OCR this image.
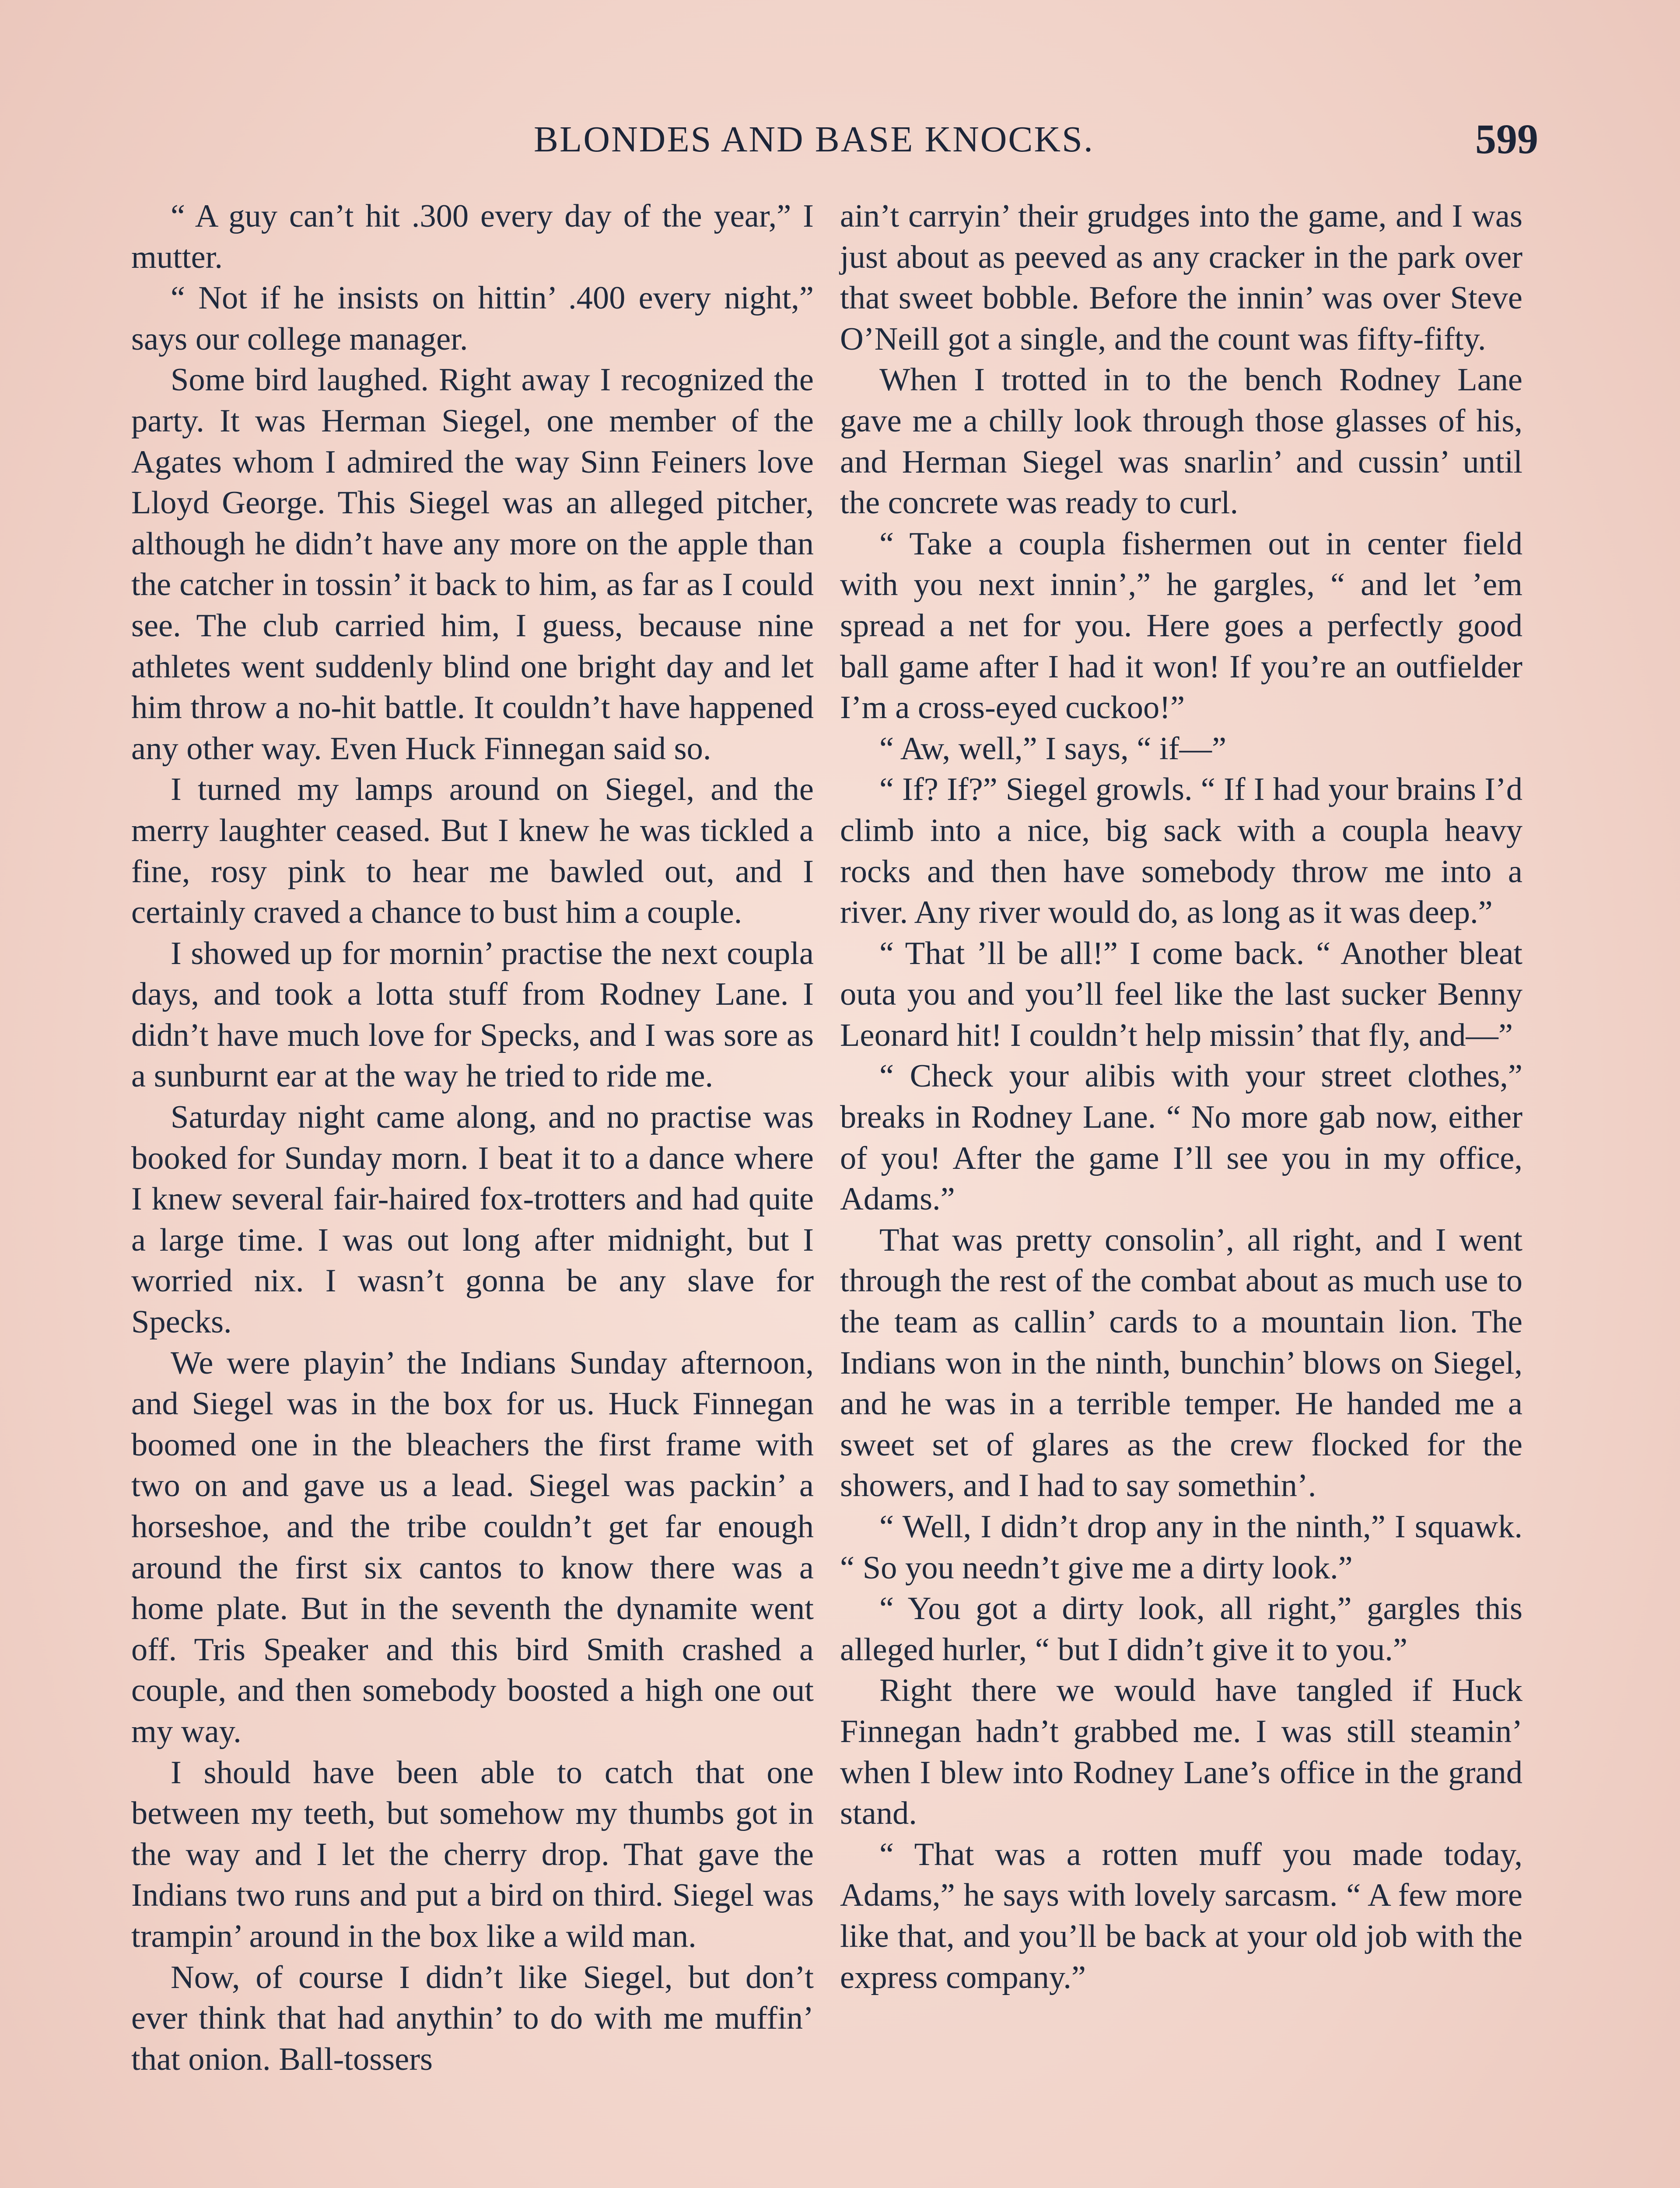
BLONDES AND BASE KNOCKS.	599

“ A guy can’t hit .300 every day of the year,” I mutter.

“ Not if he insists on hittin’ .400 every night,” says our college manager.

Some bird laughed. Right away I recognized the party. It was Herman Siegel, one member of the Agates whom I admired the way Sinn Feiners love Lloyd George. This Siegel was an alleged pitcher, although he didn’t have any more on the apple than the catcher in tossin’ it back to him, as far as I could see. The club carried him, I guess, because nine athletes went suddenly blind one bright day and let him throw a no-hit battle. It couldn’t have happened any other way. Even Huck Finnegan said so.

I turned my lamps around on Siegel, and the merry laughter ceased. But I knew he was tickled a fine, rosy pink to hear me bawled out, and I certainly craved a chance to bust him a couple.

I showed up for mornin’ practise the next coupla days, and took a lotta stuff from Rodney Lane. I didn’t have much love for Specks, and I was sore as a sunburnt ear at the way he tried to ride me.

Saturday night came along, and no practise was booked for Sunday morn. I beat it to a dance where I knew several fair-haired fox-trotters and had quite a large time. I was out long after midnight, but I worried nix. I wasn’t gonna be any slave for Specks.

We were playin’ the Indians Sunday afternoon, and Siegel was in the box for us. Huck Finnegan boomed one in the bleachers the first frame with two on and gave us a lead. Siegel was packin’ a horseshoe, and the tribe couldn’t get far enough around the first six cantos to know there was a home plate. But in the seventh the dynamite went off. Tris Speaker and this bird Smith crashed a couple, and then somebody boosted a high one out my way.

I should have been able to catch that one between my teeth, but somehow my thumbs got in the way and I let the cherry drop. That gave the Indians two runs and put a bird on third. Siegel was trampin’ around in the box like a wild man.

Now, of course I didn’t like Siegel, but don’t ever think that had anythin’ to do with me muffin’ that onion. Ball-tossers

ain’t carryin’ their grudges into the game, and I was just about as peeved as any cracker in the park over that sweet bobble. Before the innin’ was over Steve O’Neill got a single, and the count was fifty-fifty.

When I trotted in to the bench Rodney Lane gave me a chilly look through those glasses of his, and Herman Siegel was snarlin’ and cussin’ until the concrete was ready to curl.

“ Take a coupla fishermen out in center field with you next innin’,” he gargles, “ and let ’em spread a net for you. Here goes a perfectly good ball game after I had it won! If you’re an outfielder I’m a cross-eyed cuckoo!”

“ Aw, well,” I says, “ if—”

“ If? If?” Siegel growls. “ If I had your brains I’d climb into a nice, big sack with a coupla heavy rocks and then have somebody throw me into a river. Any river would do, as long as it was deep.”

“ That ’ll be all!” I come back. “ Another bleat outa you and you’ll feel like the last sucker Benny Leonard hit! I couldn’t help missin’ that fly, and—”

“ Check your alibis with your street clothes,” breaks in Rodney Lane. “ No more gab now, either of you! After the game I’ll see you in my office, Adams.”

That was pretty consolin’, all right, and I went through the rest of the combat about as much use to the team as callin’ cards to a mountain lion. The Indians won in the ninth, bunchin’ blows on Siegel, and he was in a terrible temper. He handed me a sweet set of glares as the crew flocked for the showers, and I had to say somethin’.

“ Well, I didn’t drop any in the ninth,” I squawk. “ So you needn’t give me a dirty look.”

“ You got a dirty look, all right,” gargles this alleged hurler, “ but I didn’t give it to you.”

Right there we would have tangled if Huck Finnegan hadn’t grabbed me. I was still steamin’ when I blew into Rodney Lane’s office in the grand stand.

“ That was a rotten muff you made today, Adams,” he says with lovely sarcasm. “ A few more like that, and you’ll be back at your old job with the express company.”
